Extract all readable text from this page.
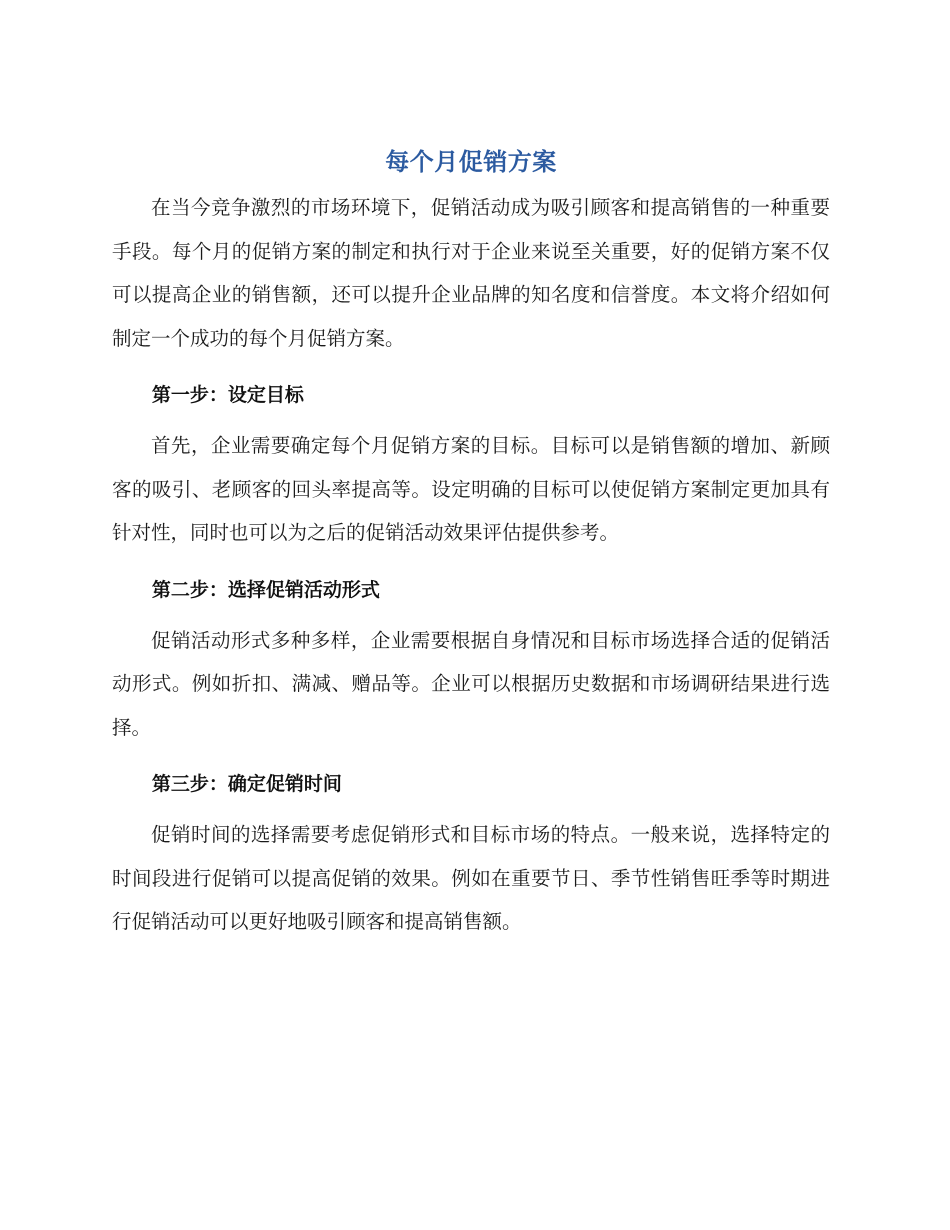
每个月促销方案

在当今竞争激烈的市场环境下，促销活动成为吸引顾客和提高销售的一种重要手段。每个月的促销方案的制定和执行对于企业来说至关重要，好的促销方案不仅可以提高企业的销售额，还可以提升企业品牌的知名度和信誉度。本文将介绍如何制定一个成功的每个月促销方案。

第一步：设定目标

首先，企业需要确定每个月促销方案的目标。目标可以是销售额的增加、新顾客的吸引、老顾客的回头率提高等。设定明确的目标可以使促销方案制定更加具有针对性，同时也可以为之后的促销活动效果评估提供参考。

第二步：选择促销活动形式

促销活动形式多种多样，企业需要根据自身情况和目标市场选择合适的促销活动形式。例如折扣、满减、赠品等。企业可以根据历史数据和市场调研结果进行选择。

第三步：确定促销时间

促销时间的选择需要考虑促销形式和目标市场的特点。一般来说，选择特定的时间段进行促销可以提高促销的效果。例如在重要节日、季节性销售旺季等时期进行促销活动可以更好地吸引顾客和提高销售额。
